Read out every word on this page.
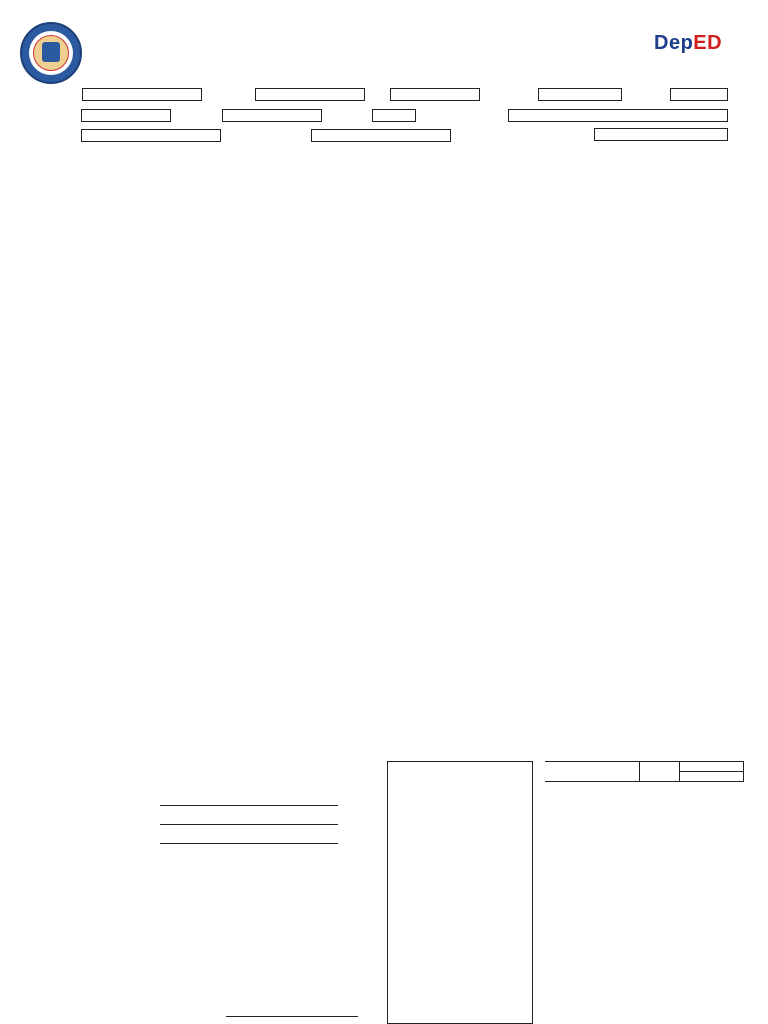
DepED
